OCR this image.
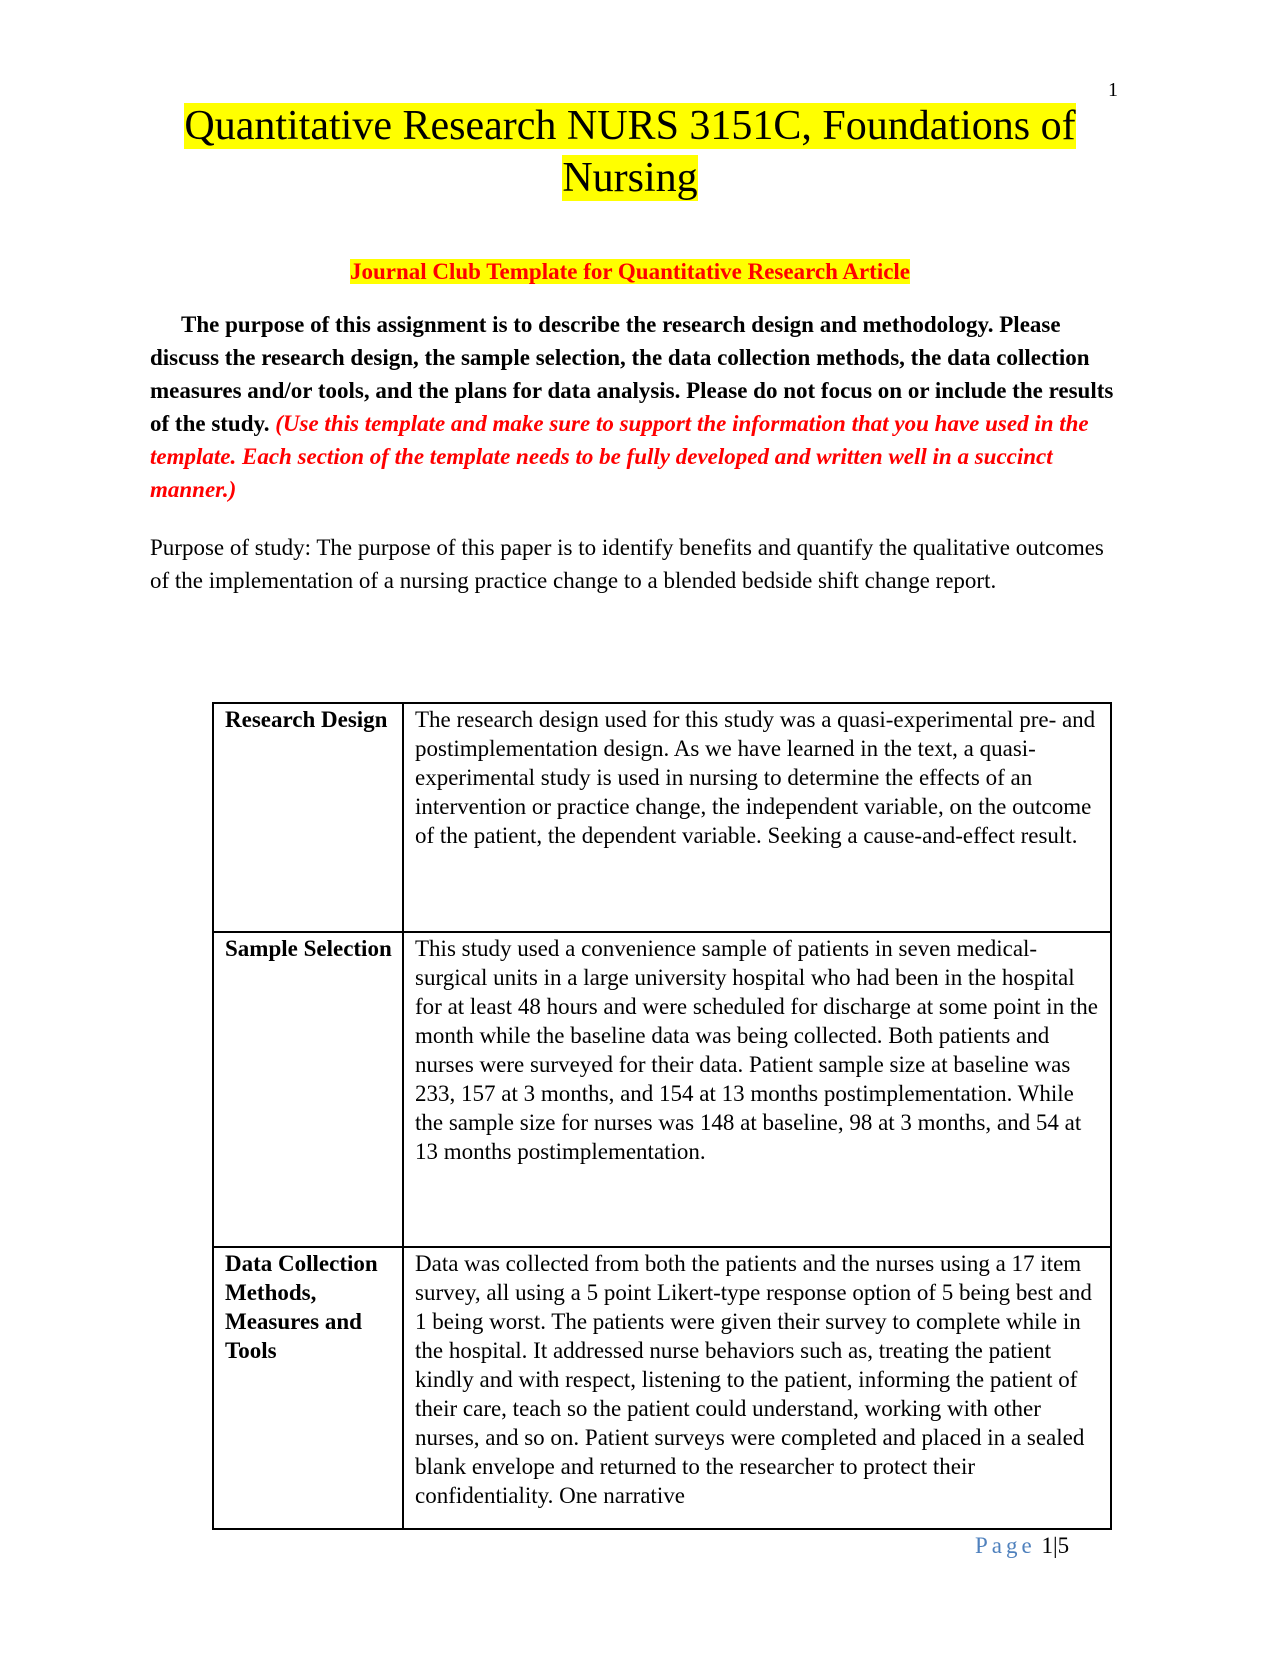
1
Quantitative Research NURS 3151C, Foundations of Nursing
Journal Club Template for Quantitative Research Article

The purpose of this assignment is to describe the research design and methodology. Please discuss the research design, the sample selection, the data collection methods, the data collection measures and/or tools, and the plans for data analysis. Please do not focus on or include the results of the study. (Use this template and make sure to support the information that you have used in the template. Each section of the template needs to be fully developed and written well in a succinct manner.)

Purpose of study: The purpose of this paper is to identify benefits and quantify the qualitative outcomes of the implementation of a nursing practice change to a blended bedside shift change report.

Research Design	The research design used for this study was a quasi-experimental pre- and postimplementation design. As we have learned in the text, a quasi-experimental study is used in nursing to determine the effects of an intervention or practice change, the independent variable, on the outcome of the patient, the dependent variable. Seeking a cause-and-effect result.
Sample Selection	This study used a convenience sample of patients in seven medical-surgical units in a large university hospital who had been in the hospital for at least 48 hours and were scheduled for discharge at some point in the month while the baseline data was being collected. Both patients and nurses were surveyed for their data. Patient sample size at baseline was 233, 157 at 3 months, and 154 at 13 months postimplementation. While the sample size for nurses was 148 at baseline, 98 at 3 months, and 54 at 13 months postimplementation.
Data Collection Methods, Measures and Tools	Data was collected from both the patients and the nurses using a 17 item survey, all using a 5 point Likert-type response option of 5 being best and 1 being worst. The patients were given their survey to complete while in the hospital. It addressed nurse behaviors such as, treating the patient kindly and with respect, listening to the patient, informing the patient of their care, teach so the patient could understand, working with other nurses, and so on. Patient surveys were completed and placed in a sealed blank envelope and returned to the researcher to protect their confidentiality. One narrative
Page 1|5
